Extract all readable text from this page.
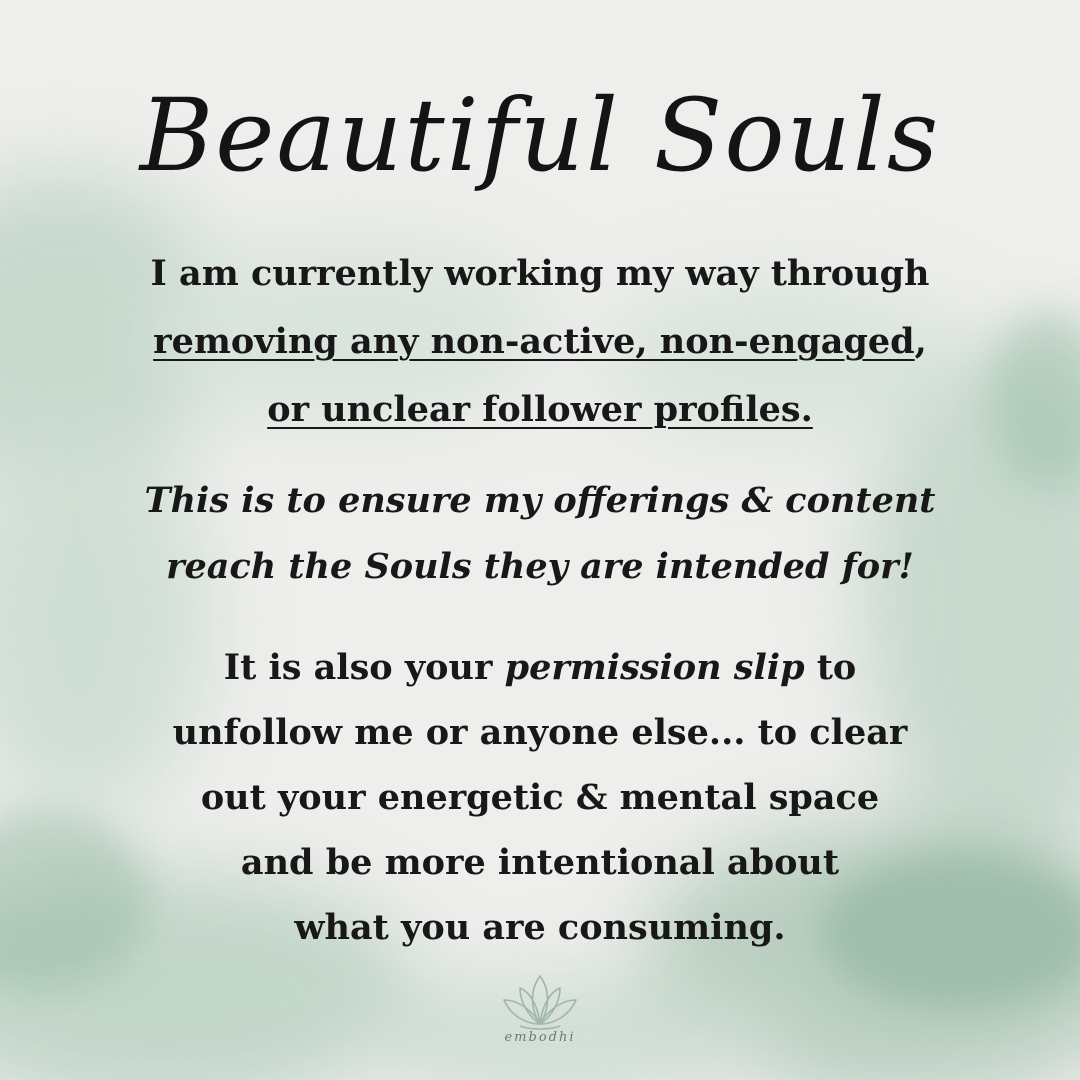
Beautiful Souls
I am currently working my way through
removing any non-active, non-engaged,
or unclear follower profiles.
This is to ensure my offerings & content
reach the Souls they are intended for!
It is also your permission slip to
unfollow me or anyone else... to clear
out your energetic & mental space
and be more intentional about
what you are consuming.
embodhi
